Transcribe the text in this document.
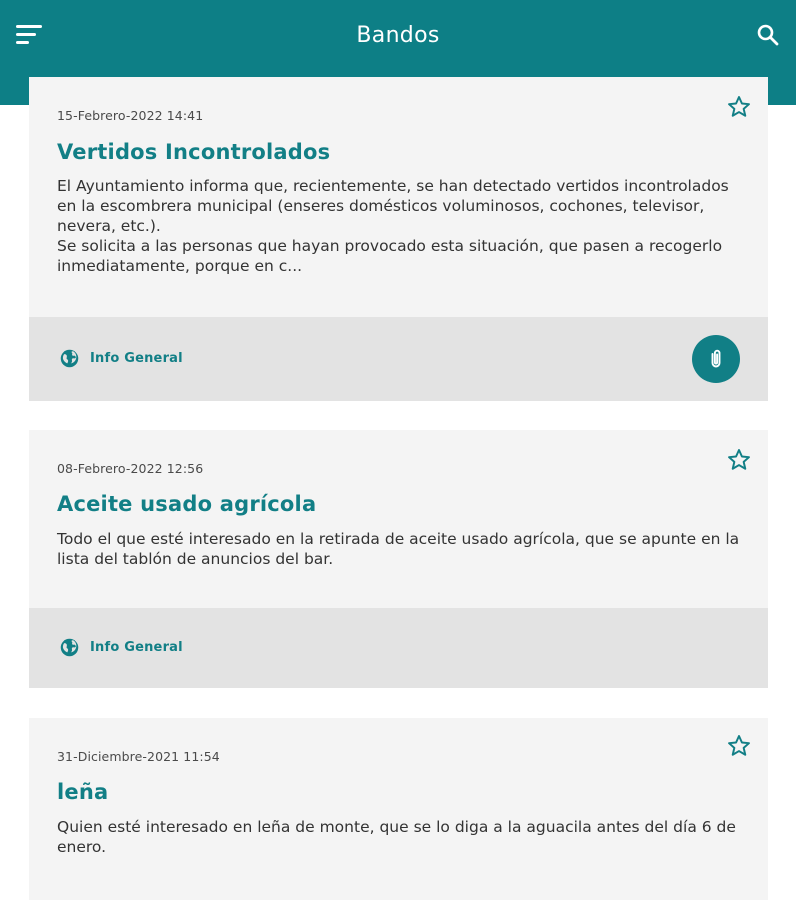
Bandos
15-Febrero-2022 14:41
Vertidos Incontrolados
El Ayuntamiento informa que, recientemente, se han detectado vertidos incontrolados en la escombrera municipal (enseres domésticos voluminosos, cochones, televisor, nevera, etc.).
Se solicita a las personas que hayan provocado esta situación, que pasen a recogerlo inmediatamente, porque en c...
Info General
08-Febrero-2022 12:56
Aceite usado agrícola
Todo el que esté interesado en la retirada de aceite usado agrícola, que se apunte en la lista del tablón de anuncios del bar.
Info General
31-Diciembre-2021 11:54
leña
Quien esté interesado en leña de monte, que se lo diga a la aguacila antes del día 6 de enero.
